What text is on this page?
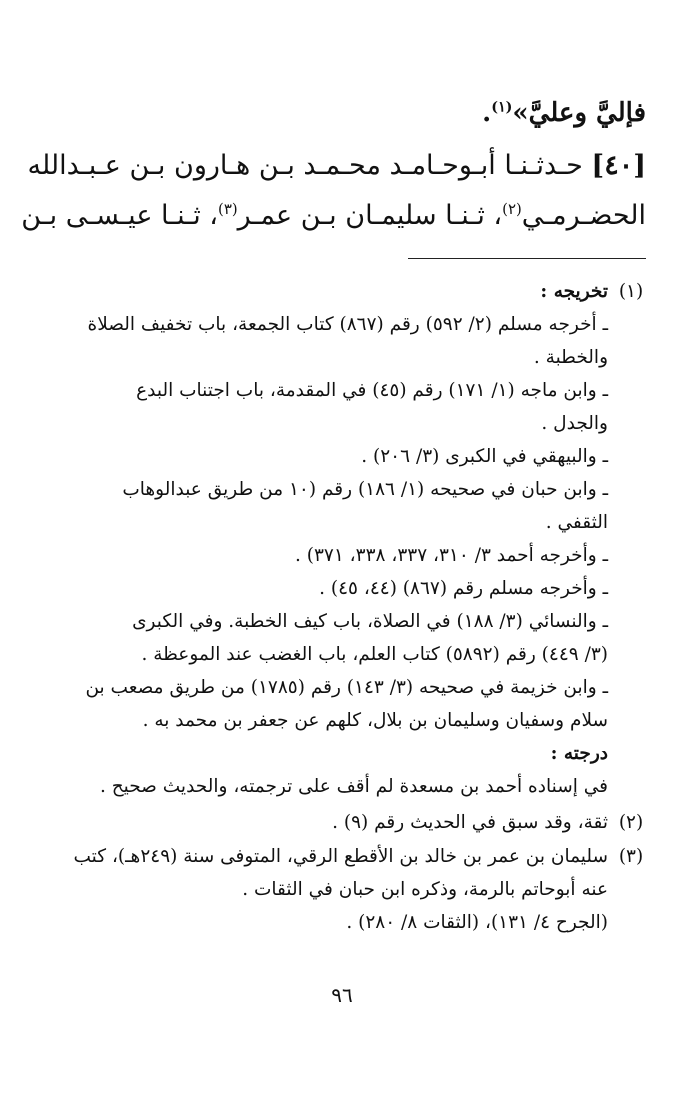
فإليَّ وعليَّ»$^{(١)}$.
[٤٠] حـدثـنـا أبـوحـامـد محـمـد بـن هـارون بـن عـبـدالله
الحضـرمـي$^{(٢)}$، ثـنـا سليمـان بـن عمـر$^{(٣)}$، ثـنـا عيـسـى بـن
(١)

تخريجه :

ـ أخرجه مسلم (٢/ ٥٩٢) رقم (٨٦٧) كتاب الجمعة، باب تخفيف الصلاة

والخطبة .

ـ وابن ماجه (١/ ١٧١) رقم (٤٥) في المقدمة، باب اجتناب البدع

والجدل .

ـ والبيهقي في الكبرى (٣/ ٢٠٦) .

ـ وابن حبان في صحيحه (١/ ١٨٦) رقم (١٠ من طريق عبدالوهاب

الثقفي .

ـ وأخرجه أحمد ٣/ ٣١٠، ٣٣٧، ٣٣٨، ٣٧١) .

ـ وأخرجه مسلم رقم (٨٦٧) (٤٤، ٤٥) .

ـ والنسائي (٣/ ١٨٨) في الصلاة، باب كيف الخطبة. وفي الكبرى

(٣/ ٤٤٩) رقم (٥٨٩٢) كتاب العلم، باب الغضب عند الموعظة .

ـ وابن خزيمة في صحيحه (٣/ ١٤٣) رقم (١٧٨٥) من طريق مصعب بن

سلام وسفيان وسليمان بن بلال، كلهم عن جعفر بن محمد به .

درجته :

في إسناده أحمد بن مسعدة لم أقف على ترجمته، والحديث صحيح .

(٢)

ثقة، وقد سبق في الحديث رقم (٩) .

(٣)

سليمان بن عمر بن خالد بن الأقطع الرقي، المتوفى سنة (٢٤٩هـ)، كتب

عنه أبوحاتم بالرمة، وذكره ابن حبان في الثقات .

(الجرح ٤/ ١٣١)، (الثقات ٨/ ٢٨٠) .

٩٦
